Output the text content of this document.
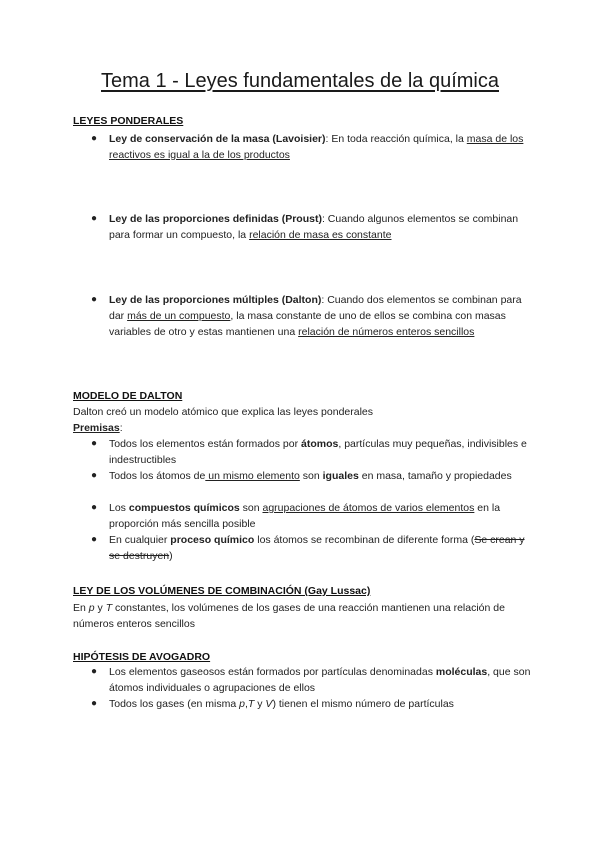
Tema 1 - Leyes fundamentales de la química
LEYES PONDERALES
● Ley de conservación de la masa (Lavoisier): En toda reacción química, la masa de los reactivos es igual a la de los productos
● Ley de las proporciones definidas (Proust): Cuando algunos elementos se combinan para formar un compuesto, la relación de masa es constante
● Ley de las proporciones múltiples (Dalton): Cuando dos elementos se combinan para dar más de un compuesto, la masa constante de uno de ellos se combina con masas variables de otro y estas mantienen una relación de números enteros sencillos
MODELO DE DALTON

Dalton creó un modelo atómico que explica las leyes ponderales

Premisas:

● Todos los elementos están formados por átomos, partículas muy pequeñas, indivisibles e indestructibles
● Todos los átomos de un mismo elemento son iguales en masa, tamaño y propiedades
● Los compuestos químicos son agrupaciones de átomos de varios elementos en la proporción más sencilla posible
● En cualquier proceso químico los átomos se recombinan de diferente forma (Se crean y se destruyen)
LEY DE LOS VOLÚMENES DE COMBINACIÓN (Gay Lussac)

En p y T constantes, los volúmenes de los gases de una reacción mantienen una relación de números enteros sencillos

HIPÓTESIS DE AVOGADRO
● Los elementos gaseosos están formados por partículas denominadas moléculas, que son átomos individuales o agrupaciones de ellos
● Todos los gases (en misma p,T y V) tienen el mismo número de partículas
